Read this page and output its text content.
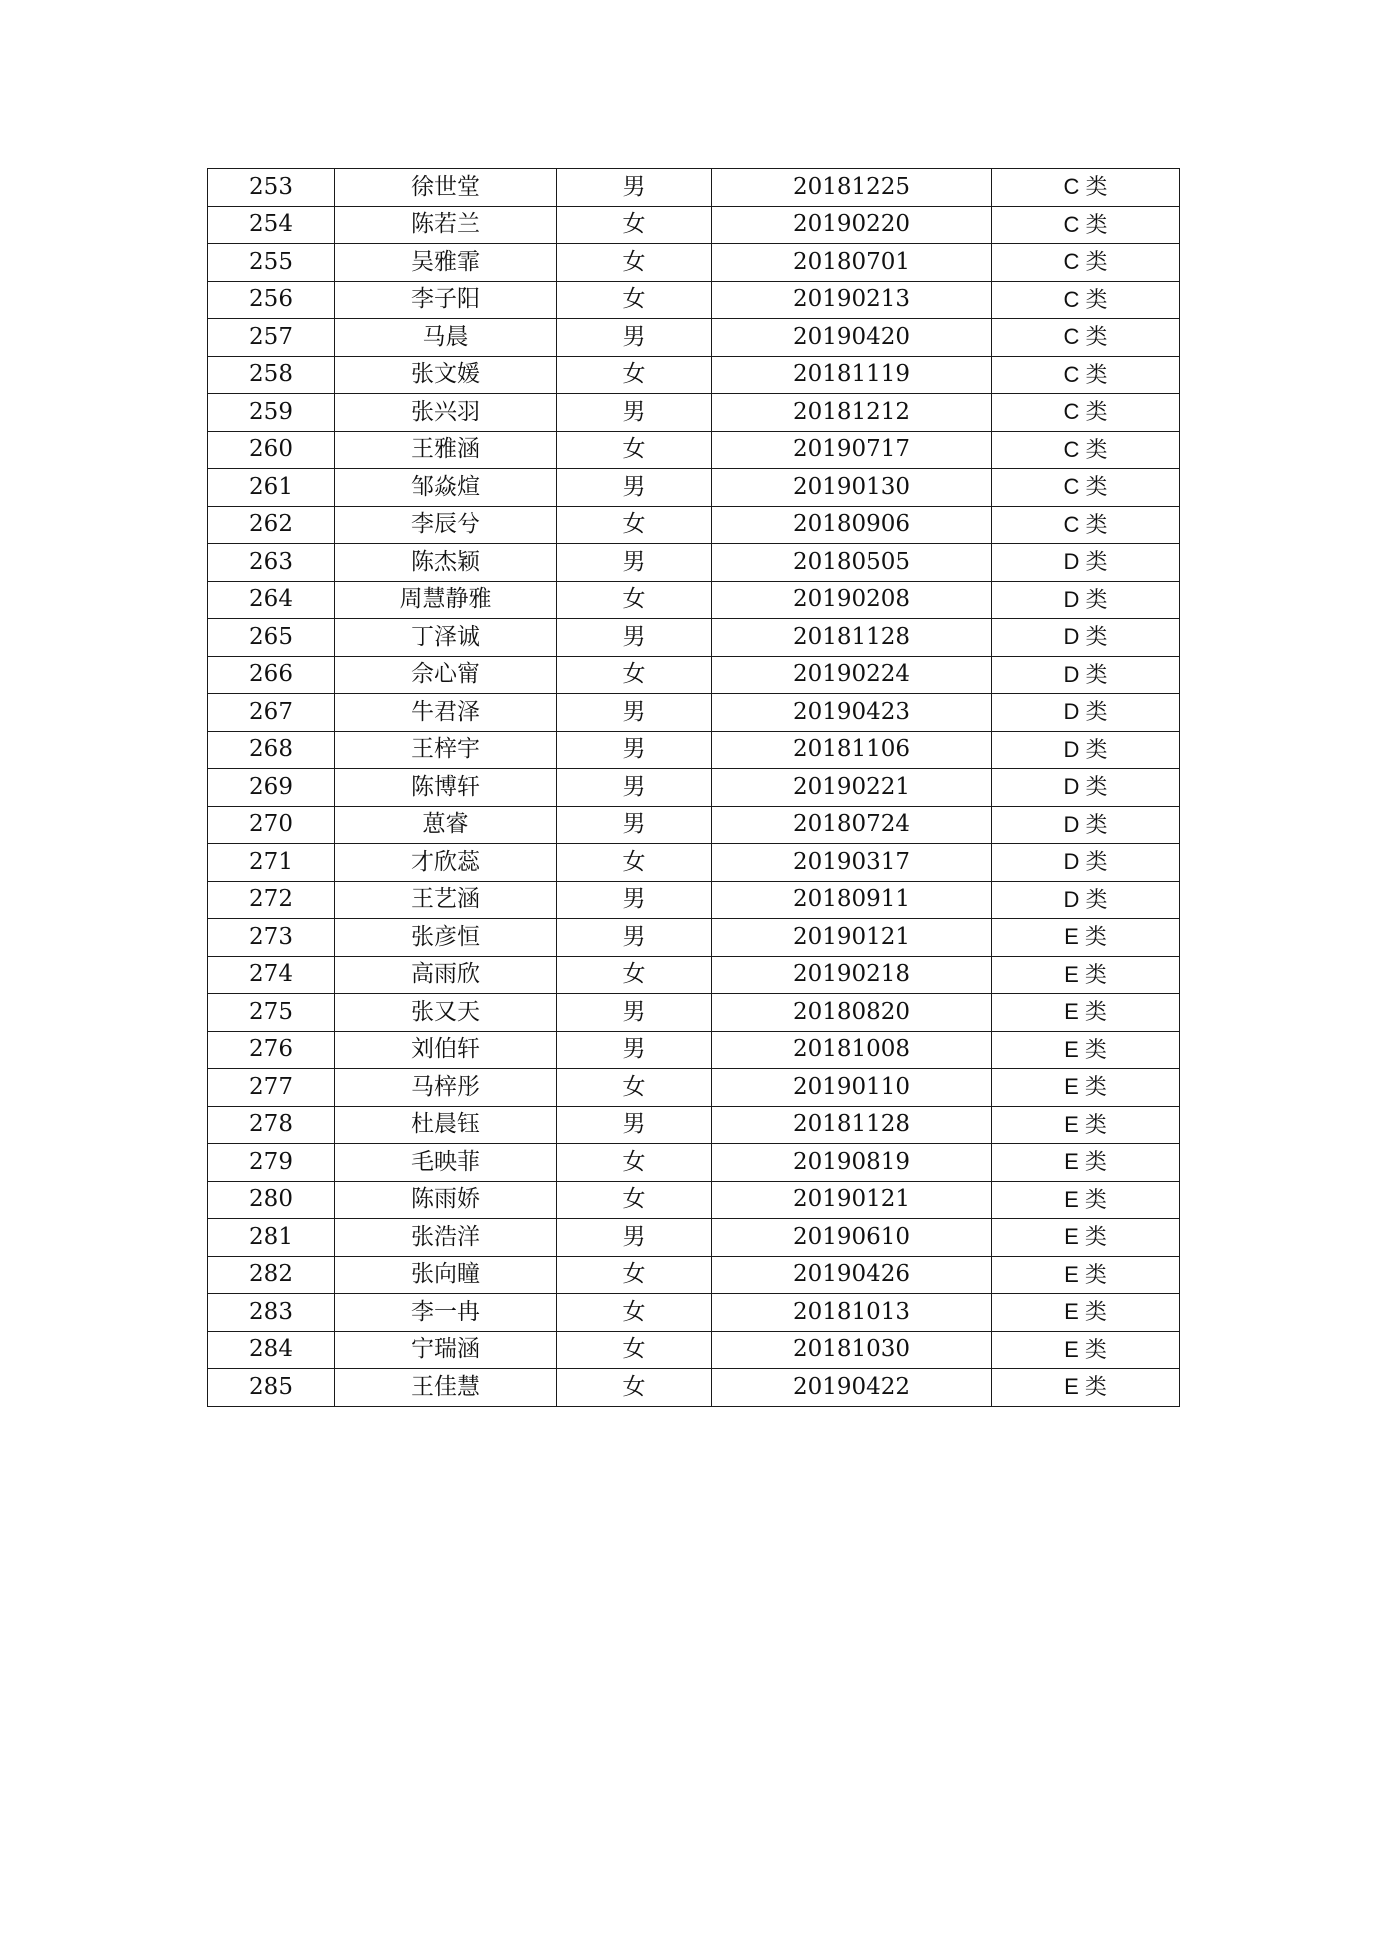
253	徐世堂	男	20181225	C 类
254	陈若兰	女	20190220	C 类
255	吴雅霏	女	20180701	C 类
256	李子阳	女	20190213	C 类
257	马晨	男	20190420	C 类
258	张文媛	女	20181119	C 类
259	张兴羽	男	20181212	C 类
260	王雅涵	女	20190717	C 类
261	邹焱煊	男	20190130	C 类
262	李辰兮	女	20180906	C 类
263	陈杰颖	男	20180505	D 类
264	周慧静雅	女	20190208	D 类
265	丁泽诚	男	20181128	D 类
266	佘心甯	女	20190224	D 类
267	牛君泽	男	20190423	D 类
268	王梓宇	男	20181106	D 类
269	陈博轩	男	20190221	D 类
270	葸睿	男	20180724	D 类
271	才欣蕊	女	20190317	D 类
272	王艺涵	男	20180911	D 类
273	张彦恒	男	20190121	E 类
274	高雨欣	女	20190218	E 类
275	张又天	男	20180820	E 类
276	刘伯轩	男	20181008	E 类
277	马梓彤	女	20190110	E 类
278	杜晨钰	男	20181128	E 类
279	毛映菲	女	20190819	E 类
280	陈雨娇	女	20190121	E 类
281	张浩洋	男	20190610	E 类
282	张向瞳	女	20190426	E 类
283	李一冉	女	20181013	E 类
284	宁瑞涵	女	20181030	E 类
285	王佳慧	女	20190422	E 类
